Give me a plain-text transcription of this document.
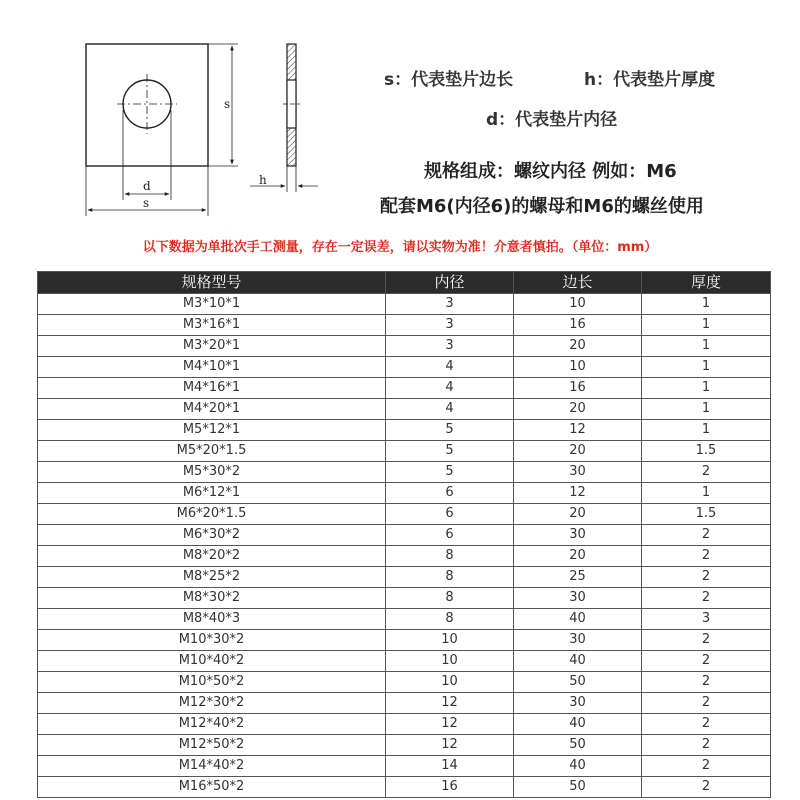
s
d
s
h
s：代表垫片边长	h：代表垫片厚度
d：代表垫片内径
规格组成：螺纹内径 例如：M6
配套M6(内径6)的螺母和M6的螺丝使用
以下数据为单批次手工测量，存在一定误差，请以实物为准！介意者慎拍。（单位：mm）
规格型号	内径	边长	厚度
M3*10*1	3	10	1
M3*16*1	3	16	1
M3*20*1	3	20	1
M4*10*1	4	10	1
M4*16*1	4	16	1
M4*20*1	4	20	1
M5*12*1	5	12	1
M5*20*1.5	5	20	1.5
M5*30*2	5	30	2
M6*12*1	6	12	1
M6*20*1.5	6	20	1.5
M6*30*2	6	30	2
M8*20*2	8	20	2
M8*25*2	8	25	2
M8*30*2	8	30	2
M8*40*3	8	40	3
M10*30*2	10	30	2
M10*40*2	10	40	2
M10*50*2	10	50	2
M12*30*2	12	30	2
M12*40*2	12	40	2
M12*50*2	12	50	2
M14*40*2	14	40	2
M16*50*2	16	50	2
